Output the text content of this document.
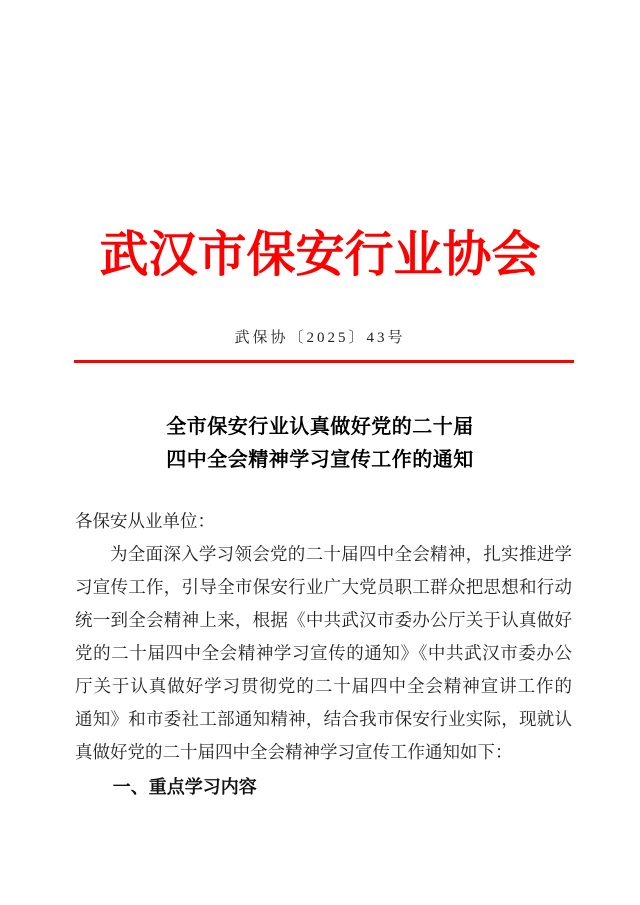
武汉市保安行业协会
武保协〔2025〕43号
全市保安行业认真做好党的二十届
四中全会精神学习宣传工作的通知
各保安从业单位：
为全面深入学习领会党的二十届四中全会精神，扎实推进学
习宣传工作，引导全市保安行业广大党员职工群众把思想和行动
统一到全会精神上来，根据《中共武汉市委办公厅关于认真做好
党的二十届四中全会精神学习宣传的通知》《中共武汉市委办公
厅关于认真做好学习贯彻党的二十届四中全会精神宣讲工作的
通知》和市委社工部通知精神，结合我市保安行业实际，现就认
真做好党的二十届四中全会精神学习宣传工作通知如下：
一、重点学习内容
